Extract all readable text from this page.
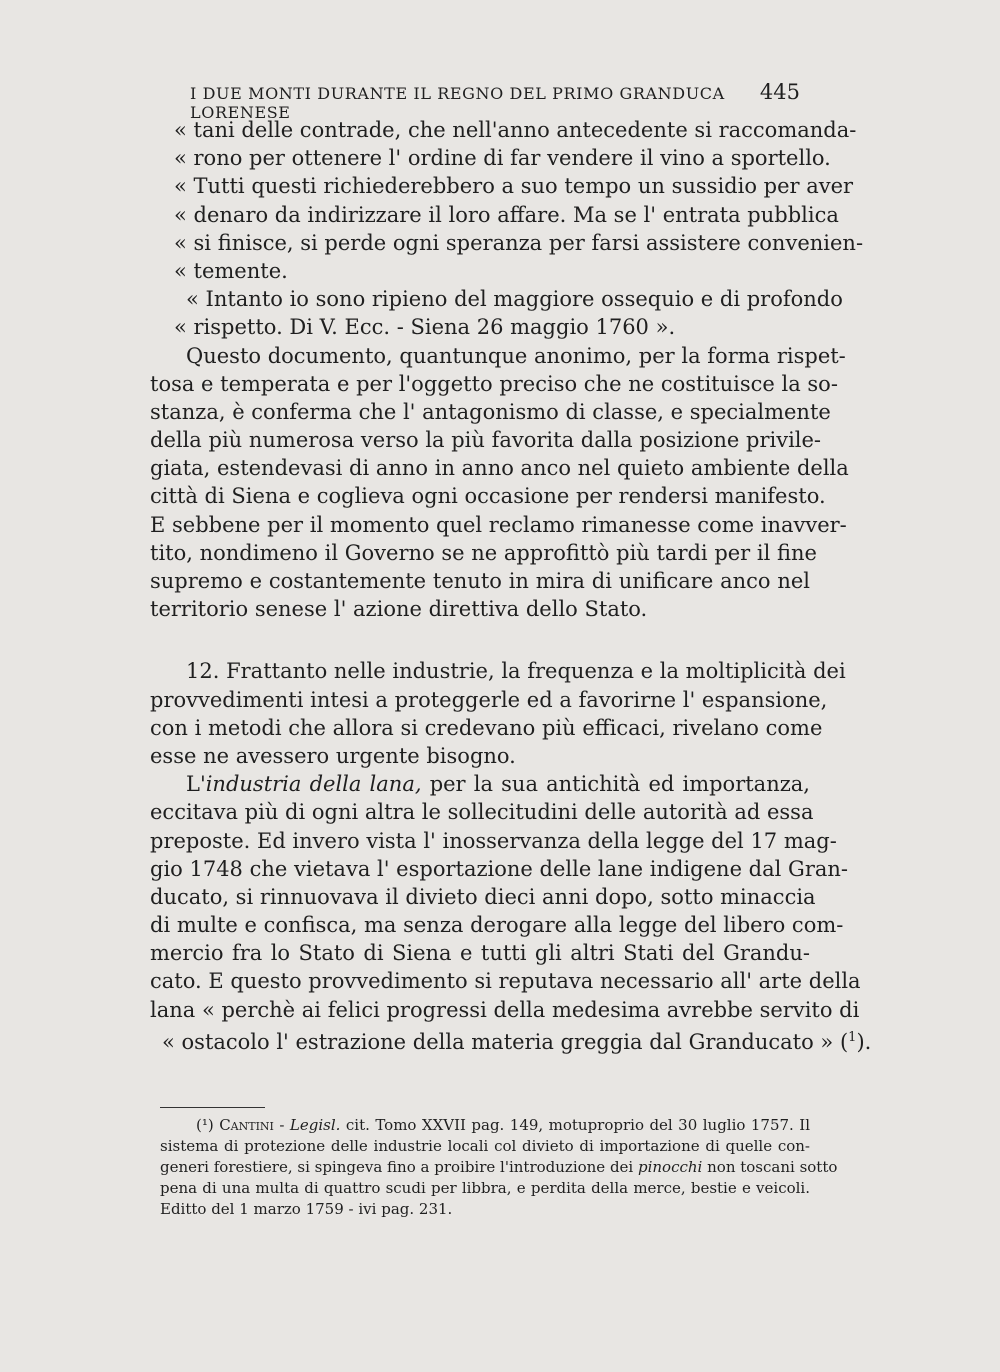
I DUE MONTI DURANTE IL REGNO DEL PRIMO GRANDUCA LORENESE
445
« tani delle contrade, che nell'anno antecedente si raccomanda-
« rono per ottenere l' ordine di far vendere il vino a sportello.
« Tutti questi richiederebbero a suo tempo un sussidio per aver
« denaro da indirizzare il loro affare. Ma se l' entrata pubblica
« si finisce, si perde ogni speranza per farsi assistere convenien-
« temente.
« Intanto io sono ripieno del maggiore ossequio e di profondo
« rispetto. Di V. Ecc. - Siena 26 maggio 1760 ».
Questo documento, quantunque anonimo, per la forma rispet-
tosa e temperata e per l'oggetto preciso che ne costituisce la so-
stanza, è conferma che l' antagonismo di classe, e specialmente
della più numerosa verso la più favorita dalla posizione privile-
giata, estendevasi di anno in anno anco nel quieto ambiente della
città di Siena e coglieva ogni occasione per rendersi manifesto.
E sebbene per il momento quel reclamo rimanesse come inavver-
tito, nondimeno il Governo se ne approfittò più tardi per il fine
supremo e costantemente tenuto in mira di unificare anco nel
territorio senese l' azione direttiva dello Stato.
12. Frattanto nelle industrie, la frequenza e la moltiplicità dei
provvedimenti intesi a proteggerle ed a favorirne l' espansione,
con i metodi che allora si credevano più efficaci, rivelano come
esse ne avessero urgente bisogno.
L'industria della lana, per la sua antichità ed importanza,
eccitava più di ogni altra le sollecitudini delle autorità ad essa
preposte. Ed invero vista l' inosservanza della legge del 17 mag-
gio 1748 che vietava l' esportazione delle lane indigene dal Gran-
ducato, si rinnuovava il divieto dieci anni dopo, sotto minaccia
di multe e confisca, ma senza derogare alla legge del libero com-
mercio fra lo Stato di Siena e tutti gli altri Stati del Grandu-
cato. E questo provvedimento si reputava necessario all' arte della
lana « perchè ai felici progressi della medesima avrebbe servito di
« ostacolo l' estrazione della materia greggia dal Granducato » ($^1$).
(¹) Cantini - Legisl. cit. Tomo XXVII pag. 149, motuproprio del 30 luglio 1757. Il
sistema di protezione delle industrie locali col divieto di importazione di quelle con-
generi forestiere, si spingeva fino a proibire l'introduzione dei pinocchi non toscani sotto
pena di una multa di quattro scudi per libbra, e perdita della merce, bestie e veicoli.
Editto del 1 marzo 1759 - ivi pag. 231.
